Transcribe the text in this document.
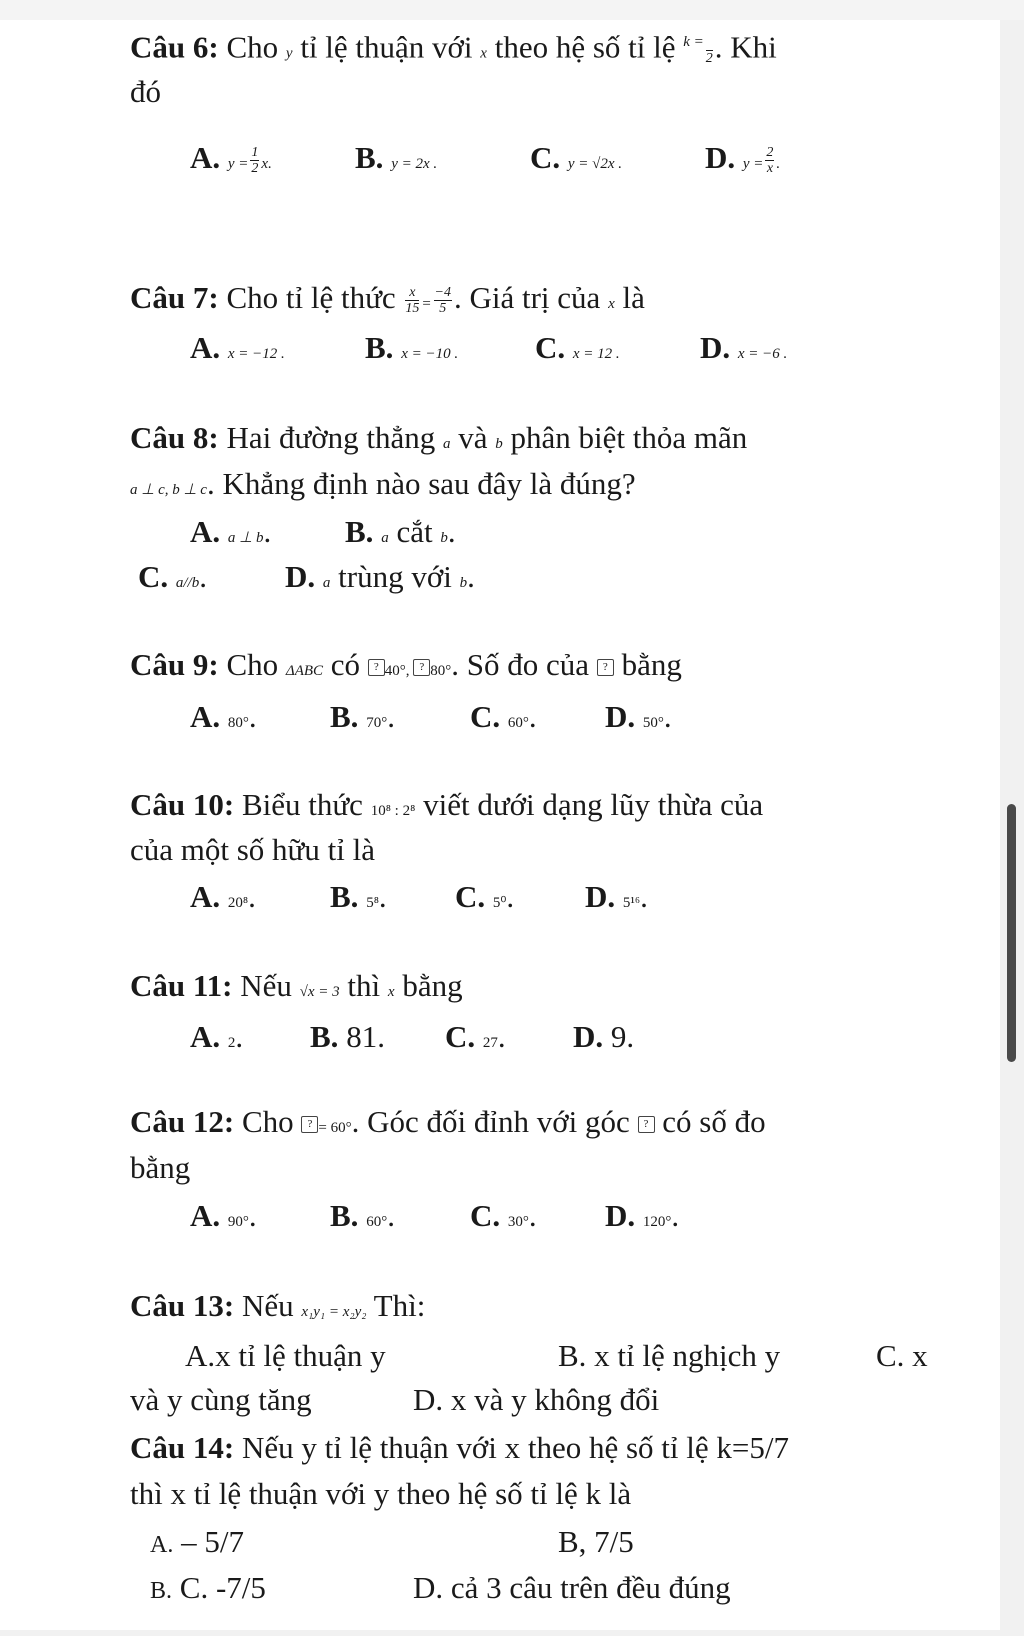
Câu 6: Cho y tỉ lệ thuận với x theo hệ số tỉ lệ $^{k =}$

2 . Khi
đó
A. $y = \frac{1}{2} x$.	B. y = 2x .	C. y = √2x .	D. $y = \frac{2}{x}$ .
Câu 7: Cho tỉ lệ thức $\frac{x}{15} = \frac{-4}{5}$ . Giá trị của x là
A. x = −12 .	B. x = −10 . C. x = 12 .	D. x = −6 .
Câu 8: Hai đường thẳng a và b phân biệt thỏa mãn
a ⊥ c, b ⊥ c. Khẳng định nào sau đây là đúng?
A. a ⊥ b. B. a cắt b.
C. a//b.	D. a trùng với b.
Câu 9: Cho ΔABC có ? 40°, ? 80°. Số đo của ? bằng
A. 80°. B. 70°. C. 60°. D. 50°.
Câu 10: Biểu thức 10⁸ : 2⁸ viết dưới dạng lũy thừa của
của một số hữu tỉ là
A. 20⁸. B. 5⁸. C. 5⁰. D. 5¹⁶.
Câu 11: Nếu √x = 3 thì x bằng
A. 2. B. 81. C. 27. D. 9.
Câu 12: Cho ? = 60°. Góc đối đỉnh với góc ? có số đo
bằng
A. 90°. B. 60°. C. 30°. D. 120°.
Câu 13: Nếu x₁y₁ = x₂y₂ Thì:
A.x tỉ lệ thuận y	B. x tỉ lệ nghịch y	C. x
và y cùng tăng	D. x và y không đổi
Câu 14: Nếu y tỉ lệ thuận với x theo hệ số tỉ lệ k=5/7
thì x tỉ lệ thuận với y theo hệ số tỉ lệ k là
A. – 5/7	B, 7/5
B. C. -7/5	D. cả 3 câu trên đều đúng
